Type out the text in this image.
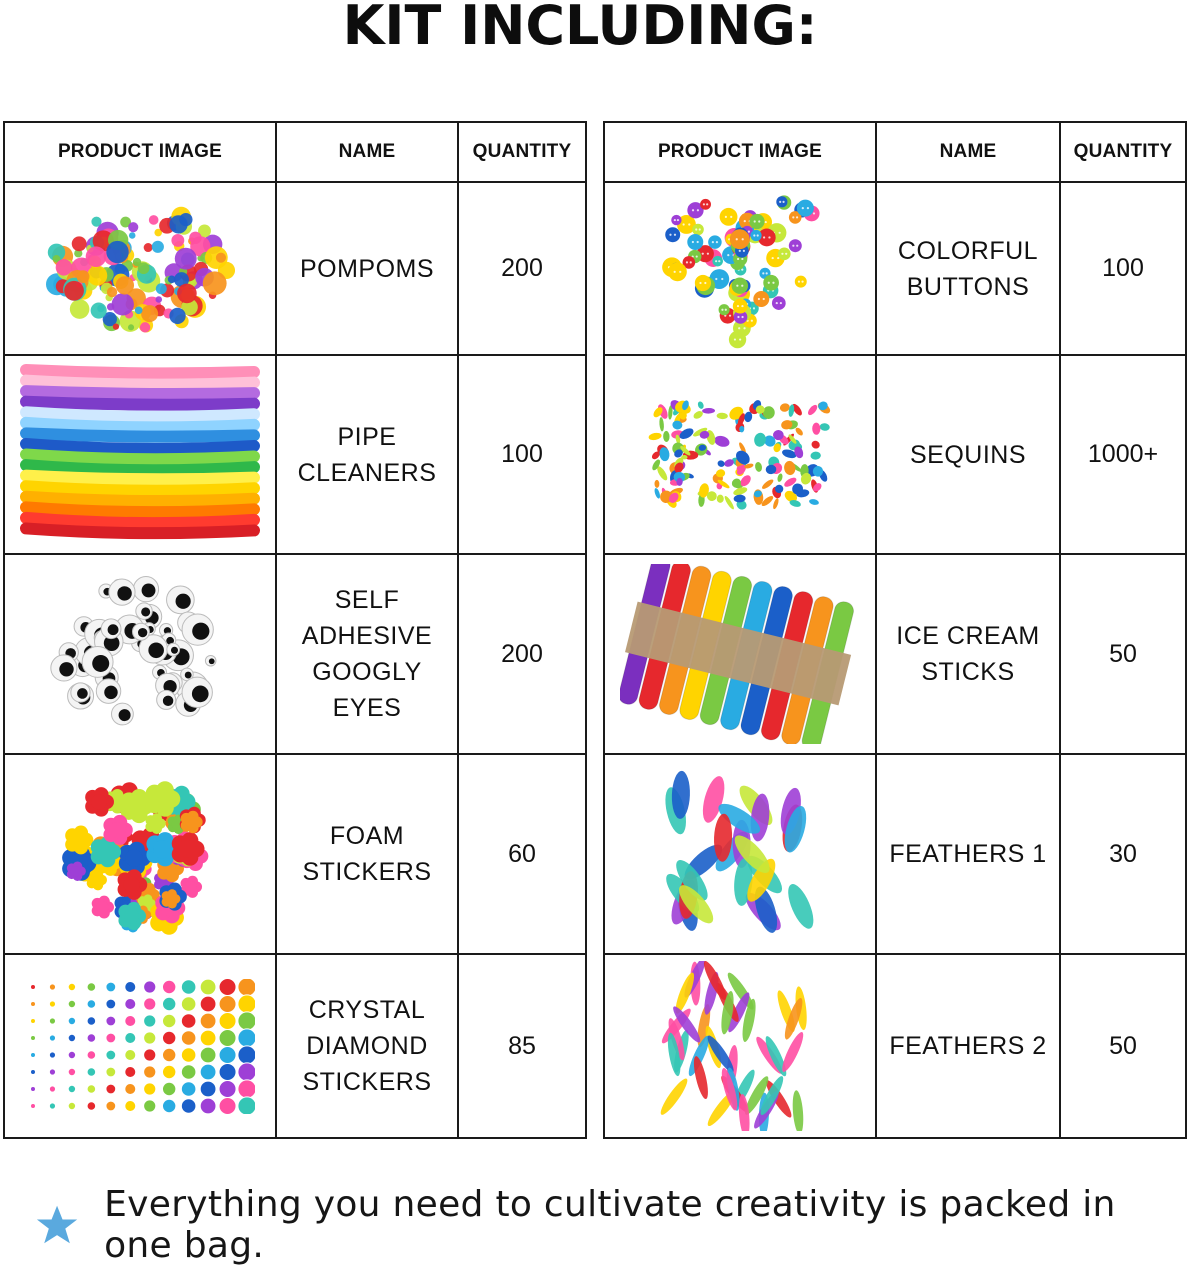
KIT INCLUDING:
PRODUCT IMAGE	NAME	QUANTITY

	POMPOMS	200

	PIPE CLEANERS	100

	SELF ADHESIVE GOOGLY EYES	200

	FOAM STICKERS	60

	CRYSTAL DIAMOND STICKERS	85
PRODUCT IMAGE	NAME	QUANTITY

	COLORFUL BUTTONS	100

	SEQUINS	1000+

	ICE CREAM STICKS	50

	FEATHERS 1	30

	FEATHERS 2	50
Everything you need to cultivate creativity is packed in one bag.
